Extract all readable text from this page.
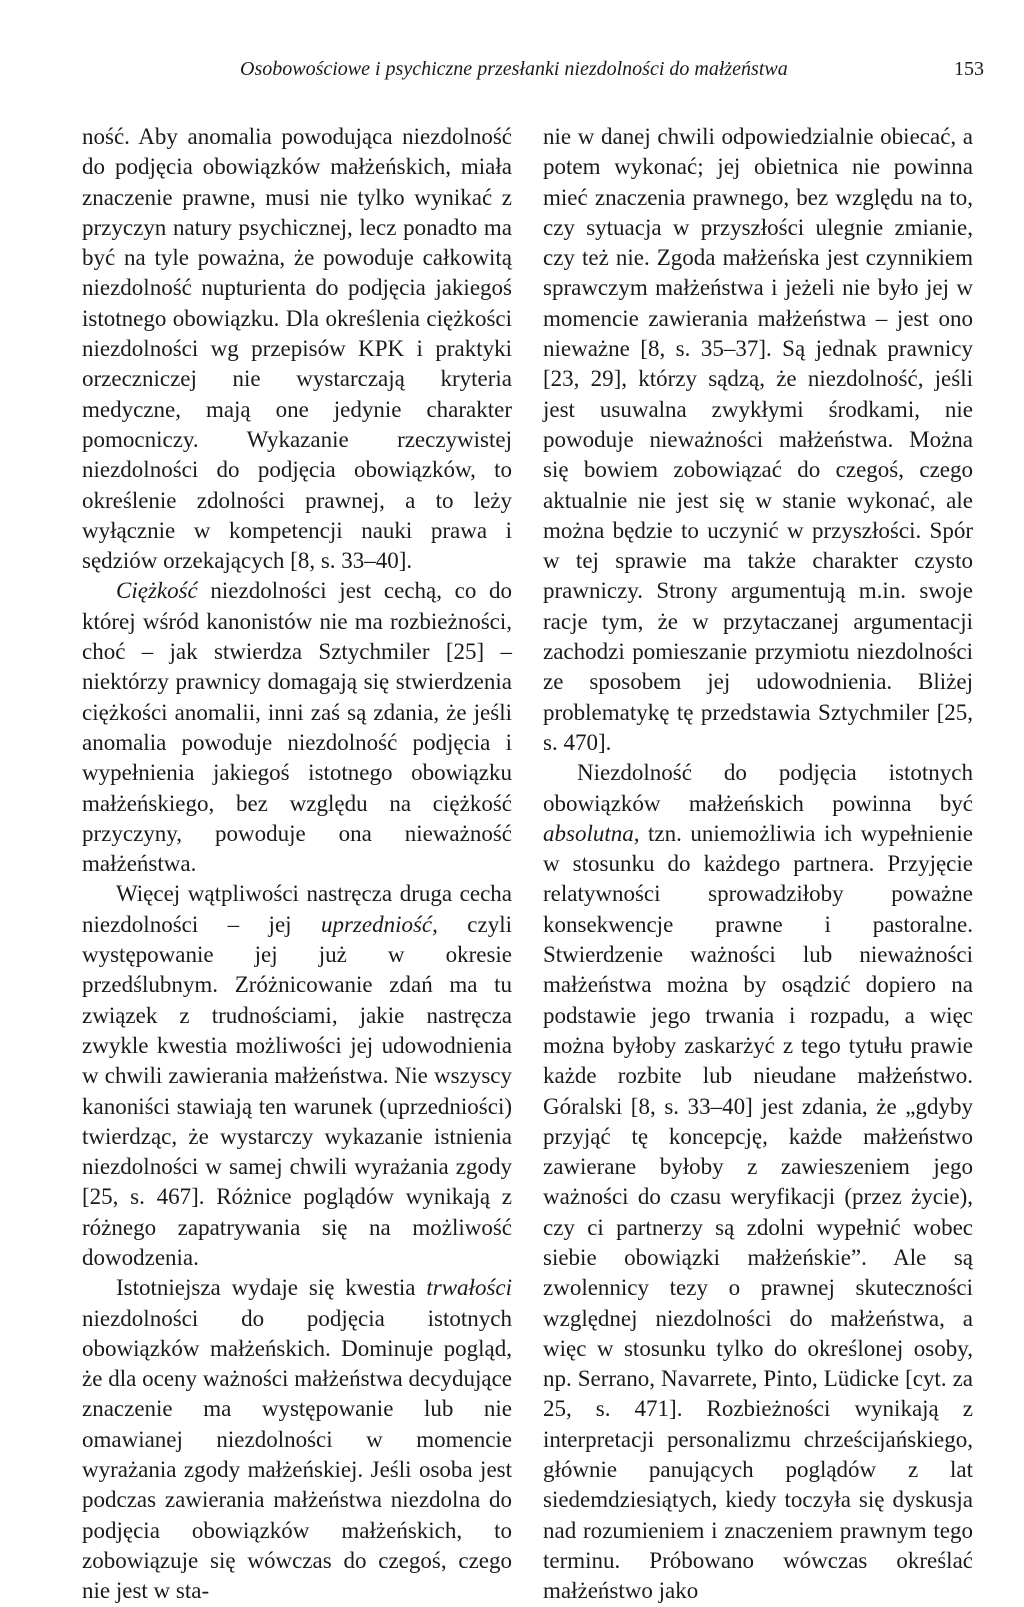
Osobowościowe i psychiczne przesłanki niezdolności do małżeństwa	153

ność. Aby anomalia powodująca niezdolność do podjęcia obowiązków małżeńskich, miała znaczenie prawne, musi nie tylko wynikać z przyczyn natury psychicznej, lecz ponadto ma być na tyle poważna, że powoduje całkowitą niezdolność nupturienta do podjęcia jakiegoś istotnego obowiązku. Dla określenia ciężkości niezdolności wg przepisów KPK i praktyki orzeczniczej nie wystarczają kryteria medyczne, mają one jedynie charakter pomocniczy. Wykazanie rzeczywistej niezdolności do podjęcia obowiązków, to określenie zdolności prawnej, a to leży wyłącznie w kompetencji nauki prawa i sędziów orzekających [8, s. 33–40].

Ciężkość niezdolności jest cechą, co do której wśród kanonistów nie ma rozbieżności, choć – jak stwierdza Sztychmiler [25] – niektórzy prawnicy domagają się stwierdzenia ciężkości anomalii, inni zaś są zdania, że jeśli anomalia powoduje niezdolność podjęcia i wypełnienia jakiegoś istotnego obowiązku małżeńskiego, bez względu na ciężkość przyczyny, powoduje ona nieważność małżeństwa.

Więcej wątpliwości nastręcza druga cecha niezdolności – jej uprzedniość, czyli występowanie jej już w okresie przedślubnym. Zróżnicowanie zdań ma tu związek z trudnościami, jakie nastręcza zwykle kwestia możliwości jej udowodnienia w chwili zawierania małżeństwa. Nie wszyscy kanoniści stawiają ten warunek (uprzedniości) twierdząc, że wystarczy wykazanie istnienia niezdolności w samej chwili wyrażania zgody [25, s. 467]. Różnice poglądów wynikają z różnego zapatrywania się na możliwość dowodzenia.

Istotniejsza wydaje się kwestia trwałości niezdolności do podjęcia istotnych obowiązków małżeńskich. Dominuje pogląd, że dla oceny ważności małżeństwa decydujące znaczenie ma występowanie lub nie omawianej niezdolności w momencie wyrażania zgody małżeńskiej. Jeśli osoba jest podczas zawierania małżeństwa niezdolna do podjęcia obowiązków małżeńskich, to zobowiązuje się wówczas do czegoś, czego nie jest w sta-

nie w danej chwili odpowiedzialnie obiecać, a potem wykonać; jej obietnica nie powinna mieć znaczenia prawnego, bez względu na to, czy sytuacja w przyszłości ulegnie zmianie, czy też nie. Zgoda małżeńska jest czynnikiem sprawczym małżeństwa i jeżeli nie było jej w momencie zawierania małżeństwa – jest ono nieważne [8, s. 35–37]. Są jednak prawnicy [23, 29], którzy sądzą, że niezdolność, jeśli jest usuwalna zwykłymi środkami, nie powoduje nieważności małżeństwa. Można się bowiem zobowiązać do czegoś, czego aktualnie nie jest się w stanie wykonać, ale można będzie to uczynić w przyszłości. Spór w tej sprawie ma także charakter czysto prawniczy. Strony argumentują m.in. swoje racje tym, że w przytaczanej argumentacji zachodzi pomieszanie przymiotu niezdolności ze sposobem jej udowodnienia. Bliżej problematykę tę przedstawia Sztychmiler [25, s. 470].

Niezdolność do podjęcia istotnych obowiązków małżeńskich powinna być absolutna, tzn. uniemożliwia ich wypełnienie w stosunku do każdego partnera. Przyjęcie relatywności sprowadziłoby poważne konsekwencje prawne i pastoralne. Stwierdzenie ważności lub nieważności małżeństwa można by osądzić dopiero na podstawie jego trwania i rozpadu, a więc można byłoby zaskarżyć z tego tytułu prawie każde rozbite lub nieudane małżeństwo. Góralski [8, s. 33–40] jest zdania, że „gdyby przyjąć tę koncepcję, każde małżeństwo zawierane byłoby z zawieszeniem jego ważności do czasu weryfikacji (przez życie), czy ci partnerzy są zdolni wypełnić wobec siebie obowiązki małżeńskie”. Ale są zwolennicy tezy o prawnej skuteczności względnej niezdolności do małżeństwa, a więc w stosunku tylko do określonej osoby, np. Serrano, Navarrete, Pinto, Lüdicke [cyt. za 25, s. 471]. Rozbieżności wynikają z interpretacji personalizmu chrześcijańskiego, głównie panujących poglądów z lat siedemdziesiątych, kiedy toczyła się dyskusja nad rozumieniem i znaczeniem prawnym tego terminu. Próbowano wówczas określać małżeństwo jako
